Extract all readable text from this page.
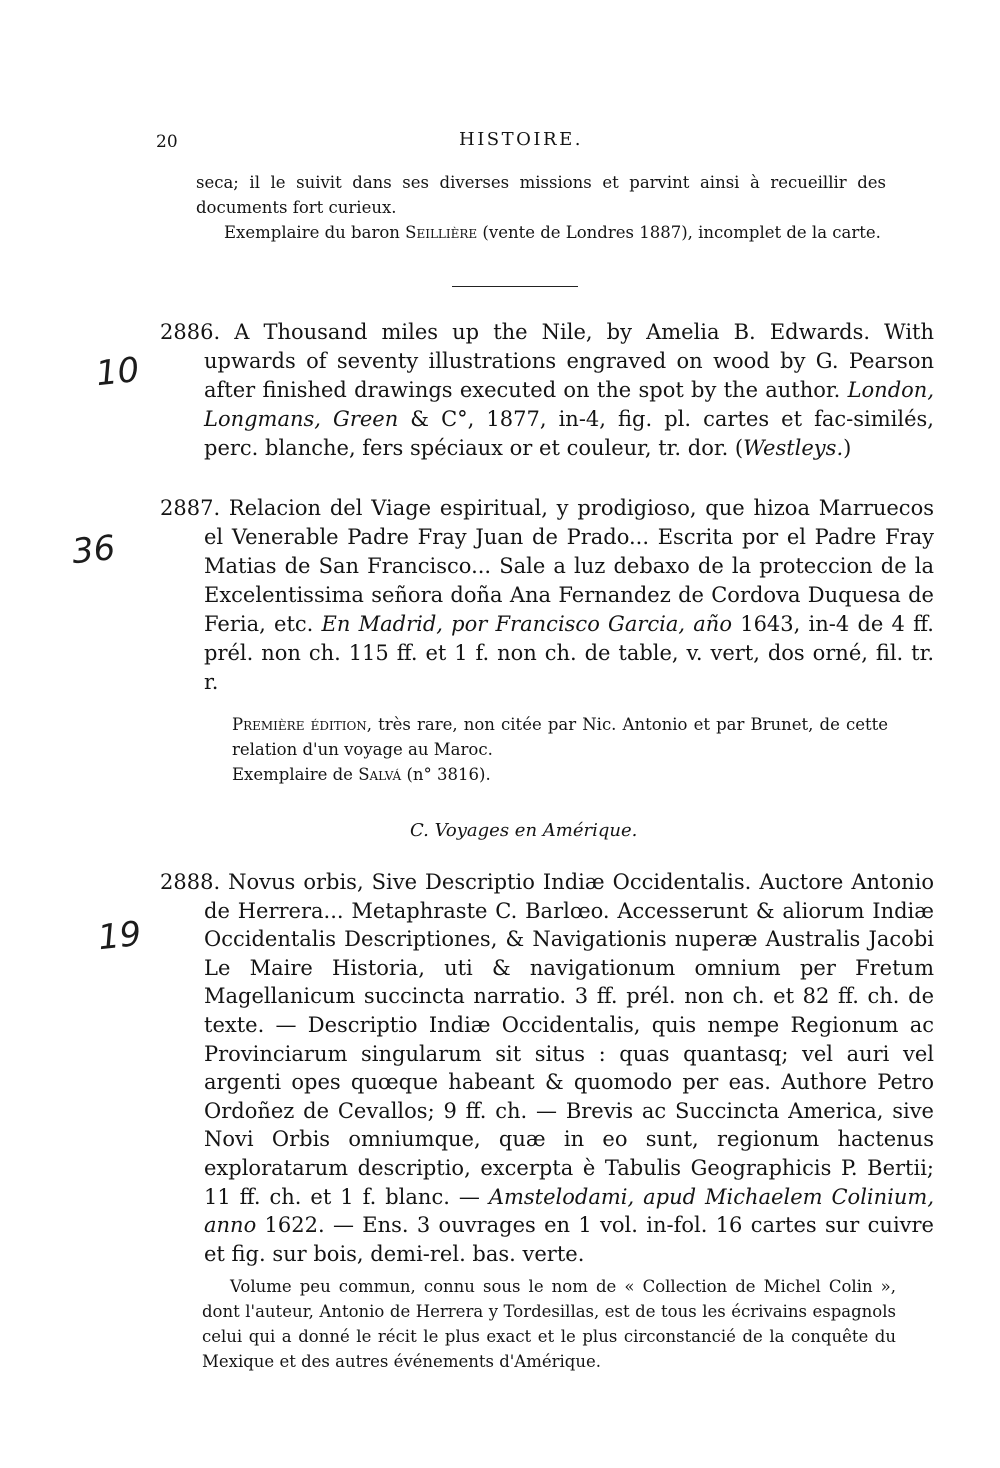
20	HISTOIRE.
seca; il le suivit dans ses diverses missions et parvint ainsi à recueillir des documents fort curieux.
Exemplaire du baron Seillière (vente de Londres 1887), incomplet de la carte.
10
2886. A Thousand miles up the Nile, by Amelia B. Edwards. With upwards of seventy illustrations engraved on wood by G. Pearson after finished drawings executed on the spot by the author. London, Longmans, Green & C°, 1877, in-4, fig. pl. cartes et fac-similés, perc. blanche, fers spéciaux or et couleur, tr. dor. (Westleys.)
36
2887. Relacion del Viage espiritual, y prodigioso, que hizoa Marruecos el Venerable Padre Fray Juan de Prado... Escrita por el Padre Fray Matias de San Francisco... Sale a luz debaxo de la proteccion de la Excelentissima señora doña Ana Fernandez de Cordova Duquesa de Feria, etc. En Madrid, por Francisco Garcia, año 1643, in-4 de 4 ff. prél. non ch. 115 ff. et 1 f. non ch. de table, v. vert, dos orné, fil. tr. r.
Première édition, très rare, non citée par Nic. Antonio et par Brunet, de cette relation d'un voyage au Maroc.
Exemplaire de Salvá (n° 3816).
C. Voyages en Amérique.
19
2888. Novus orbis, Sive Descriptio Indiæ Occidentalis. Auctore Antonio de Herrera... Metaphraste C. Barlœo. Accesserunt & aliorum Indiæ Occidentalis Descriptiones, & Navigationis nuperæ Australis Jacobi Le Maire Historia, uti & navigationum omnium per Fretum Magellanicum succincta narratio. 3 ff. prél. non ch. et 82 ff. ch. de texte. — Descriptio Indiæ Occidentalis, quis nempe Regionum ac Provinciarum singularum sit situs : quas quantasq; vel auri vel argenti opes quœque habeant & quomodo per eas. Authore Petro Ordoñez de Cevallos; 9 ff. ch. — Brevis ac Succincta America, sive Novi Orbis omniumque, quæ in eo sunt, regionum hactenus exploratarum descriptio, excerpta è Tabulis Geographicis P. Bertii; 11 ff. ch. et 1 f. blanc. — Amstelodami, apud Michaelem Colinium, anno 1622. — Ens. 3 ouvrages en 1 vol. in-fol. 16 cartes sur cuivre et fig. sur bois, demi-rel. bas. verte.
Volume peu commun, connu sous le nom de « Collection de Michel Colin », dont l'auteur, Antonio de Herrera y Tordesillas, est de tous les écrivains espagnols celui qui a donné le récit le plus exact et le plus circonstancié de la conquête du Mexique et des autres événements d'Amérique.
